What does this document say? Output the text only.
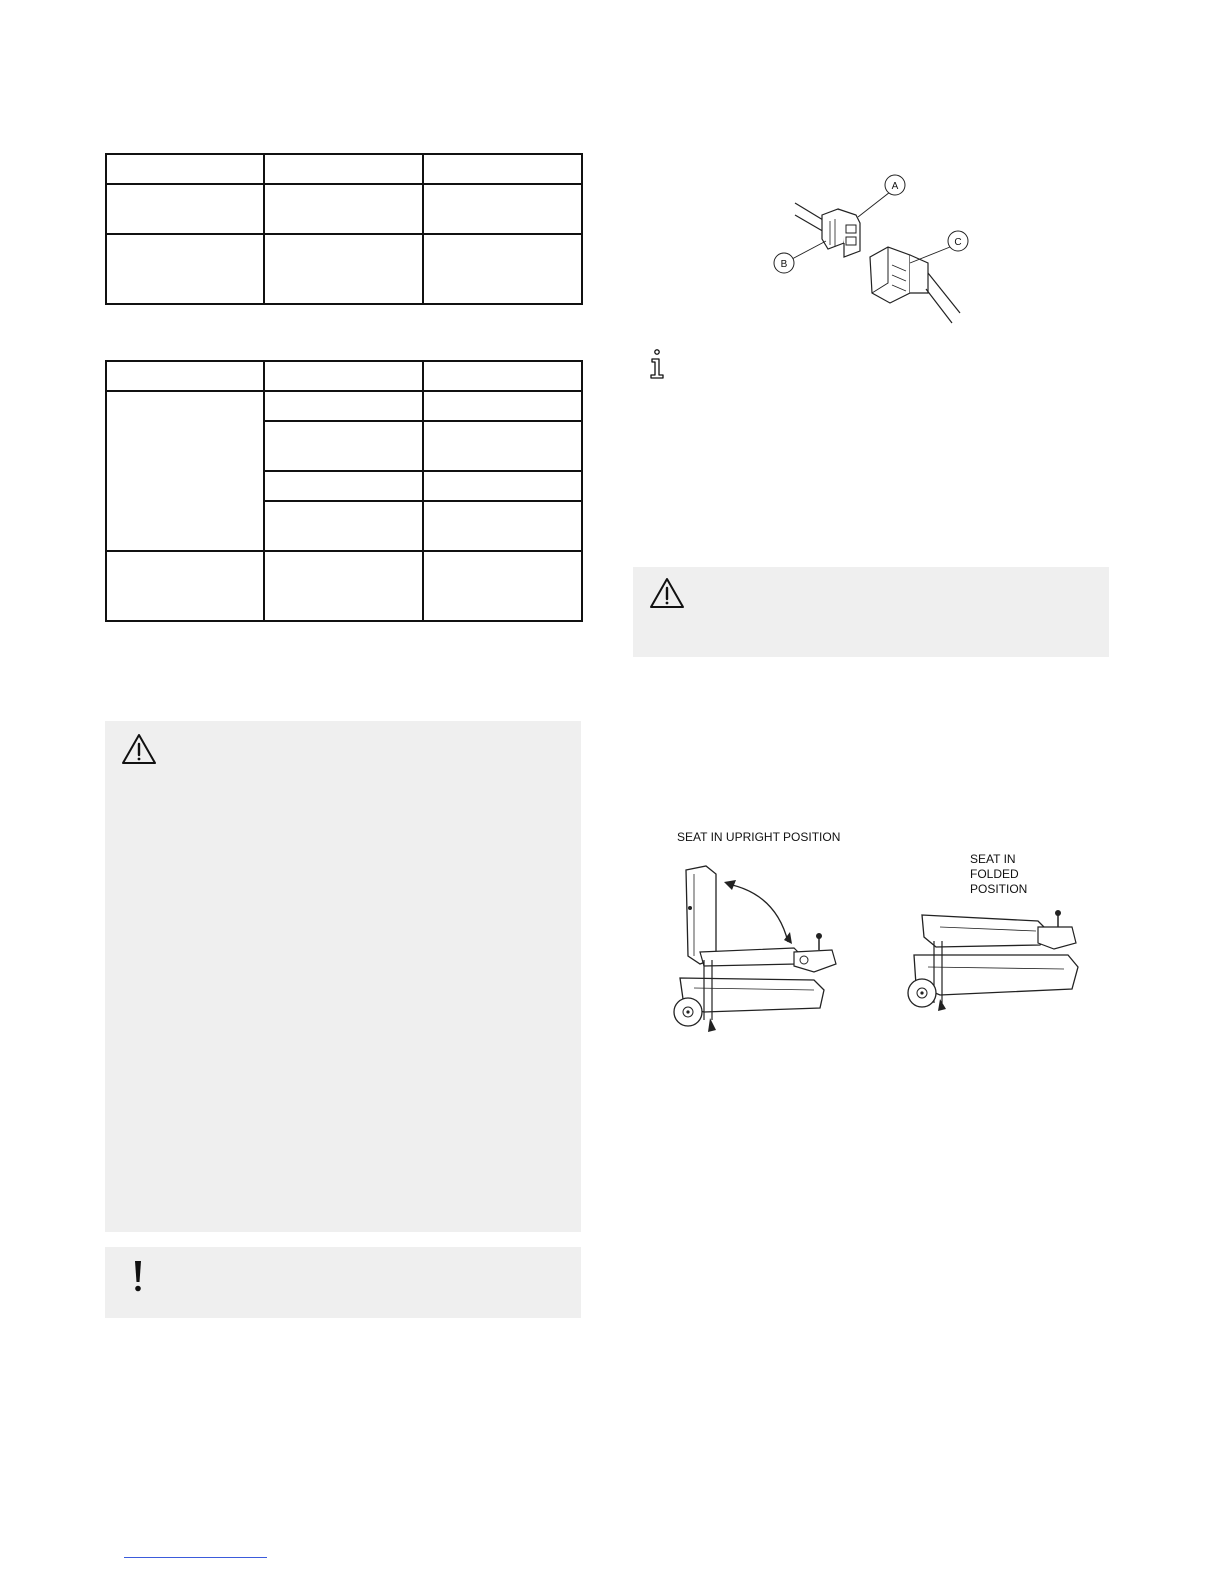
A
B
C
SEAT IN UPRIGHT POSITION
SEAT IN
FOLDED
POSITION
